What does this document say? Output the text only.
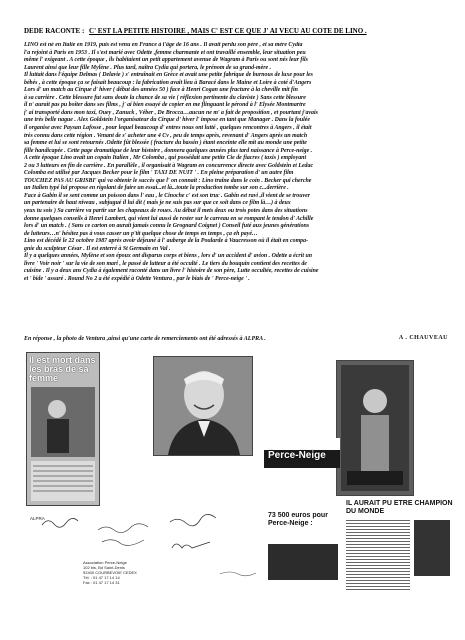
DEDE RACONTE : C' EST LA PETITE HISTOIRE , MAIS C' EST CE QUE J' AI VECU AU COTE DE LINO .

LINO est né en Italie en 1919, puis est venu en France à l'âge de 16 ans . Il avait perdu son père , et sa mère Cydia

l'a rejoint à Paris en 1953 . Il s'est marié avec Odette ,femme charmante et ont travaillé ensemble, leur situation peu

même l' exigeant . A cette époque , ils habitaient un petit appartement avenue de Wagram à Paris ou sont nés leur fils

Laurent ainsi que leur fille Mylène . Plus tard, naîtra Cydia qui portera, le prénom de sa grand-mère .

Il luttait dans l'équipe Delmas ( Delavie ) s' entraînait en Grèce et avait une petite fabrique de burnous de luxe pour les

bébés , à cette époque ça se faisait beaucoup : la fabrication avait lieu à Baracé dans le Maine et Loire à coté d'Angers

Lors d' un match au Cirque d' hiver ( début des années 50 ) face à Henri Cogan une fracture à la cheville mit fin

à sa carrière . Cette blessure fut sans doute la chance de sa vie ( réflexion pertinente du claviste ) Sans cette blessure

il n' aurait pas pu boîter dans ses films , j' ai bien essayé de copier en me flinguant le pérond à l' Elysée Montmartre

j' ai transporté dans mon taxi, Ouey , Zanuck , Véber , De Brocca…aucun ne m' a fait de proposition , et pourtant j'avais

une très belle nague . Alex Goldstein l'organisateur du Cirque d' hiver l' impose en tant que Manager . Dans la foulée

il organise avec Paysan Lafosse , pour lequel beaucoup d' entres nous ont lutté , quelques rencontres à Angers , il était

très connu dans cette région . Venant de s' acheter une 4 Cv , peu de temps après, revenant d' Angers après un match

sa femme et lui se sont retournés .Odette fût blessée ( fracture du bassin ) étant enceinte elle mit au monde une petite

fille handicapée . Cette page dramatique de leur histoire , donnera quelques années plus tard naissance à Perce-neige .

A cette époque Lino avait un copain Italien , Mr Colomba , qui possédait une petite Cie de fiacres ( taxis ) employant

2 ou 3 lutteurs en fin de carrière . En parallèle , il organisait à Wagram en concurrence directe avec Goldstein et Ledac

Colomba est utilisé par Jacques Becker pour le film ' TAXI DE NUIT ' . En pleine préparation d' un autre film

TOUCHEZ PAS AU GRISBI' qui va obtenir le succès que l' on connait : Lino traîne dans le coin . Becker qui cherche

un Italien typé lui propose en rigolant de faire un essai...et là...toute la production tombe sur son c...derrière .

Face à Gabin il se sent comme un poisson dans l' eau , le Cinoche c' est son truc . Gabin est ravi ,il vient de se trouver

un partenaire de haut niveau , subjugué il lui dit ( mais je ne suis pas sur que ce soit dans ce film là…) à deux

yeux tu sois ) Sa carrière va partir sur les chapeaux de roues. Au début il mets deux ou trois potes dans des situations

donne quelques conseils à Henri Lambert, qui vient lui aussi de rester sur le carreau en se rompant le tendon d' Achille

lors d' un match . ( Sans ce carton on aurait jamais connu le Grognard Coignet ) Conseil futé aux jeunes générations

de lutteurs…n' hésitez pas à vous casser un p'tit quelque chose de temps en temps , ça eh payé…

Lino est décédé le 22 octobre 1987 après avoir déjeuné à l' auberge de la Poularde à Vaucresson où il était en compa-

gnie du sculpteur César . Il est enterré à St Germain en Val .

Il y a quelques années, Mylène et son époux ont disparus corps et biens , lors d' un accident d' avion . Odette a écrit un

livre ' Voir noir ' sur la vie de son mari , le passé de lutteur a été occulté . Le tiers du bouquin contient des recettes de

cuisine . Il y a deux ans Cydia à également raconté dans un livre l' histoire de son père, Lutte occultée, recettes de cuisine

et ' bide ' assuré . Round No 2 a été expédié à Odette Ventura , par le biais de ' Perce-neige ' .

En réponse , la photo de Ventura ,ainsi qu'une carte de remerciements ont été adressés à ALPRA .	A . CHAUVEAU
Il est mort dans les bras de sa femme
Perce-Neige
73 500 euros pour Perce-Neige :
IL AURAIT PU ÊTRE CHAMPION DU MONDE
ALPRA
Association Perce-Neige
102 bis, Bd Saint-Denis
92400 COURBEVOIE CEDEX
Tél. : 01 47 17 14 14
Fax : 01 47 17 14 31
